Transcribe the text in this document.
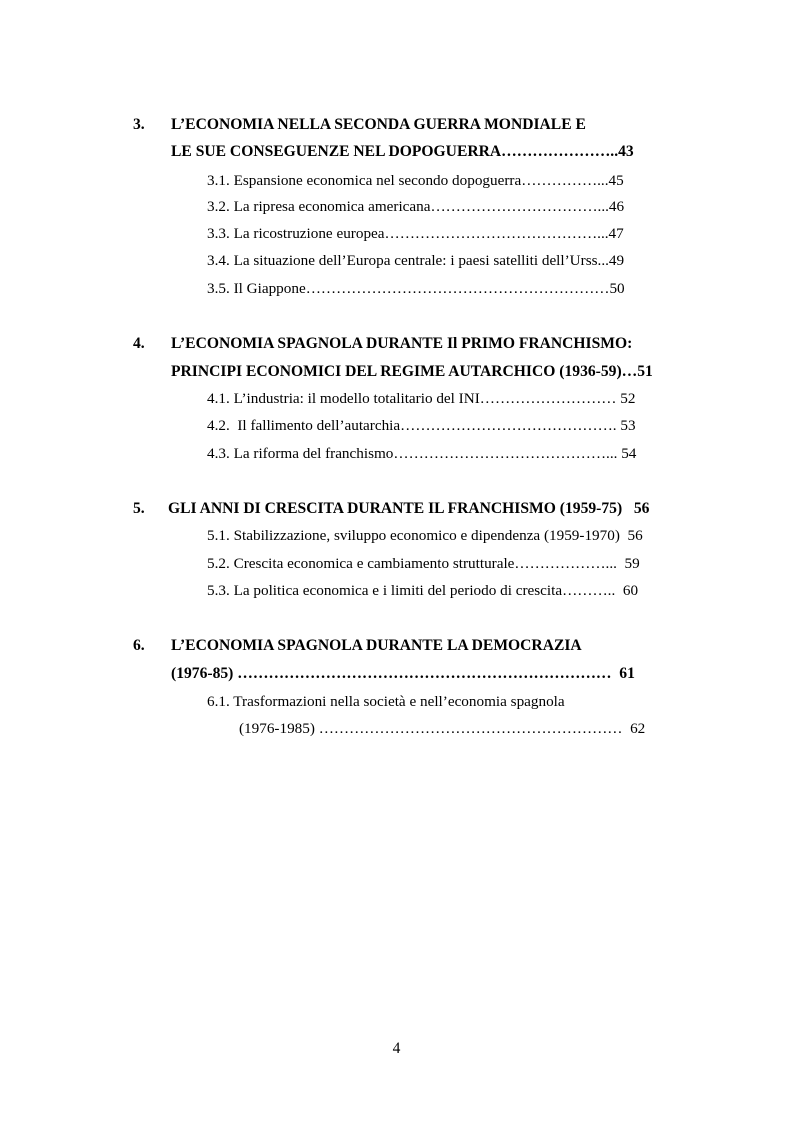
3. L’ECONOMIA NELLA SECONDA GUERRA MONDIALE E
LE SUE CONSEGUENZE NEL DOPOGUERRA…………………..43
3.1. Espansione economica nel secondo dopoguerra……………...45
3.2. La ripresa economica americana……………………………...46
3.3. La ricostruzione europea……………………………………...47
3.4. La situazione dell’Europa centrale: i paesi satelliti dell’Urss...49
3.5. Il Giappone……………………………………………………50
4. L’ECONOMIA SPAGNOLA DURANTE Il PRIMO FRANCHISMO:
PRINCIPI ECONOMICI DEL REGIME AUTARCHICO (1936-59)…51
4.1. L’industria: il modello totalitario del INI……………………… 52
4.2.  Il fallimento dell’autarchia……………………………………. 53
4.3. La riforma del franchismo……………………………………... 54
5. GLI ANNI DI CRESCITA DURANTE IL FRANCHISMO (1959-75)   56
5.1. Stabilizzazione, sviluppo economico e dipendenza (1959-1970)  56
5.2. Crescita economica e cambiamento strutturale………………...  59
5.3. La politica economica e i limiti del periodo di crescita………..  60
6. L’ECONOMIA SPAGNOLA DURANTE LA DEMOCRAZIA
(1976-85) ………………………………………………………………  61
6.1. Trasformazioni nella società e nell’economia spagnola
(1976-1985) ……………………………………………………  62
4
